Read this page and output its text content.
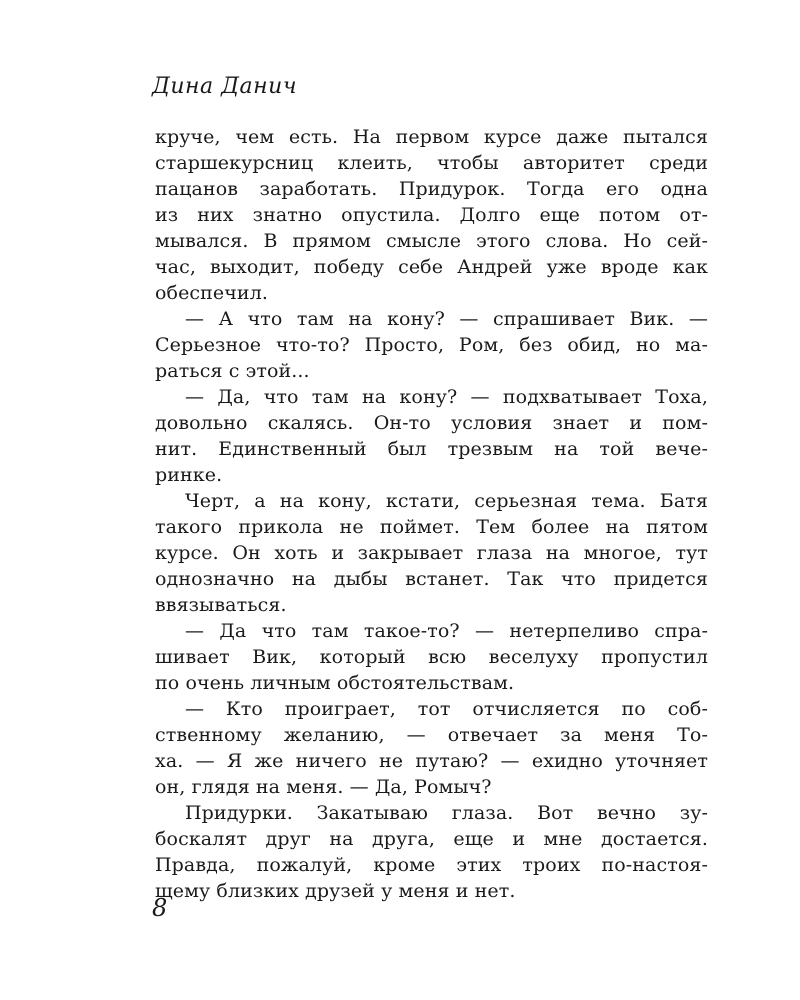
Дина Данич
круче, чем есть. На первом курсе даже пытался
старшекурсниц клеить, чтобы авторитет среди
пацанов заработать. Придурок. Тогда его одна
из них знатно опустила. Долго еще потом от-
мывался. В прямом смысле этого слова. Но сей-
час, выходит, победу себе Андрей уже вроде как
обеспечил.
— А что там на кону? — спрашивает Вик. —
Серьезное что-то? Просто, Ром, без обид, но ма-
раться с этой...
— Да, что там на кону? — подхватывает Тоха,
довольно скалясь. Он-то условия знает и пом-
нит. Единственный был трезвым на той вече-
ринке.
Черт, а на кону, кстати, серьезная тема. Батя
такого прикола не поймет. Тем более на пятом
курсе. Он хоть и закрывает глаза на многое, тут
однозначно на дыбы встанет. Так что придется
ввязываться.
— Да что там такое-то? — нетерпеливо спра-
шивает Вик, который всю веселуху пропустил
по очень личным обстоятельствам.
— Кто проиграет, тот отчисляется по соб-
ственному желанию, — отвечает за меня То-
ха. — Я же ничего не путаю? — ехидно уточняет
он, глядя на меня. — Да, Ромыч?
Придурки. Закатываю глаза. Вот вечно зу-
боскалят друг на друга, еще и мне достается.
Правда, пожалуй, кроме этих троих по-настоя-
щему близких друзей у меня и нет.
8
